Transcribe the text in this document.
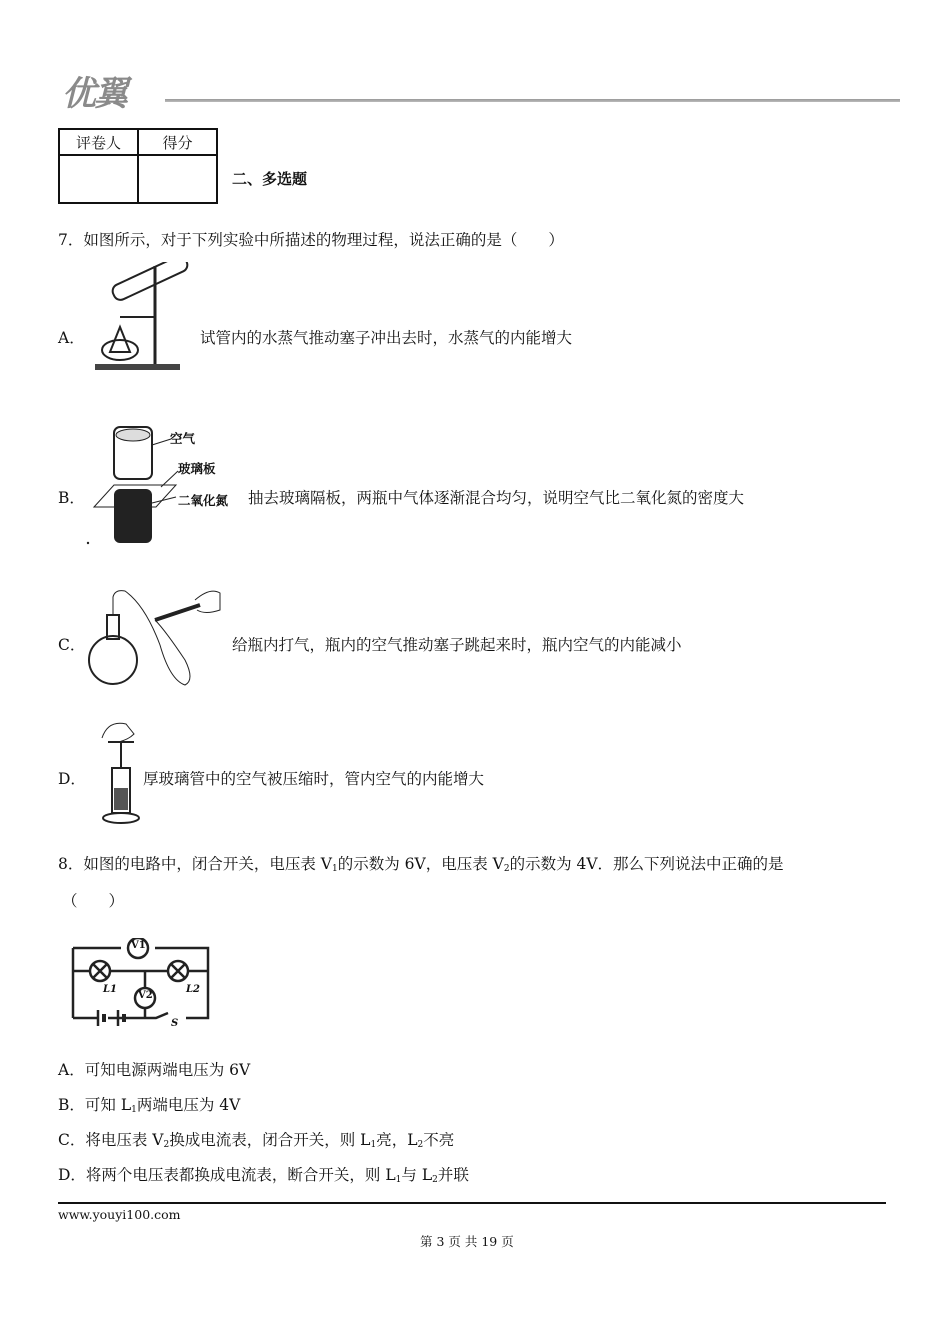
优翼
评卷人	得分

二、多选题
7．如图所示，对于下列实验中所描述的物理过程，说法正确的是（　　）
A．	试管内的水蒸气推动塞子冲出去时，水蒸气的内能增大
B．
空气
玻璃板
二氧化氮 抽去玻璃隔板，两瓶中气体逐渐混合均匀，说明空气比二氧化氮的密度大
C．	给瓶内打气，瓶内的空气推动塞子跳起来时，瓶内空气的内能减小
D．	厚玻璃管中的空气被压缩时，管内空气的内能增大
8．如图的电路中，闭合开关，电压表 $V_1$的示数为 6V，电压表 $V_2$的示数为 4V．那么下列说法中正确的是
（　　）
V1
V2
L1	L2
S
A．可知电源两端电压为 6V
B．可知 $L_1$两端电压为 4V
C．将电压表 $V_2$换成电流表，闭合开关，则 $L_1$亮，$L_2$不亮
D．将两个电压表都换成电流表，断合开关，则 $L_1$与 $L_2$并联
www.youyi100.com
第 3 页 共 19 页
